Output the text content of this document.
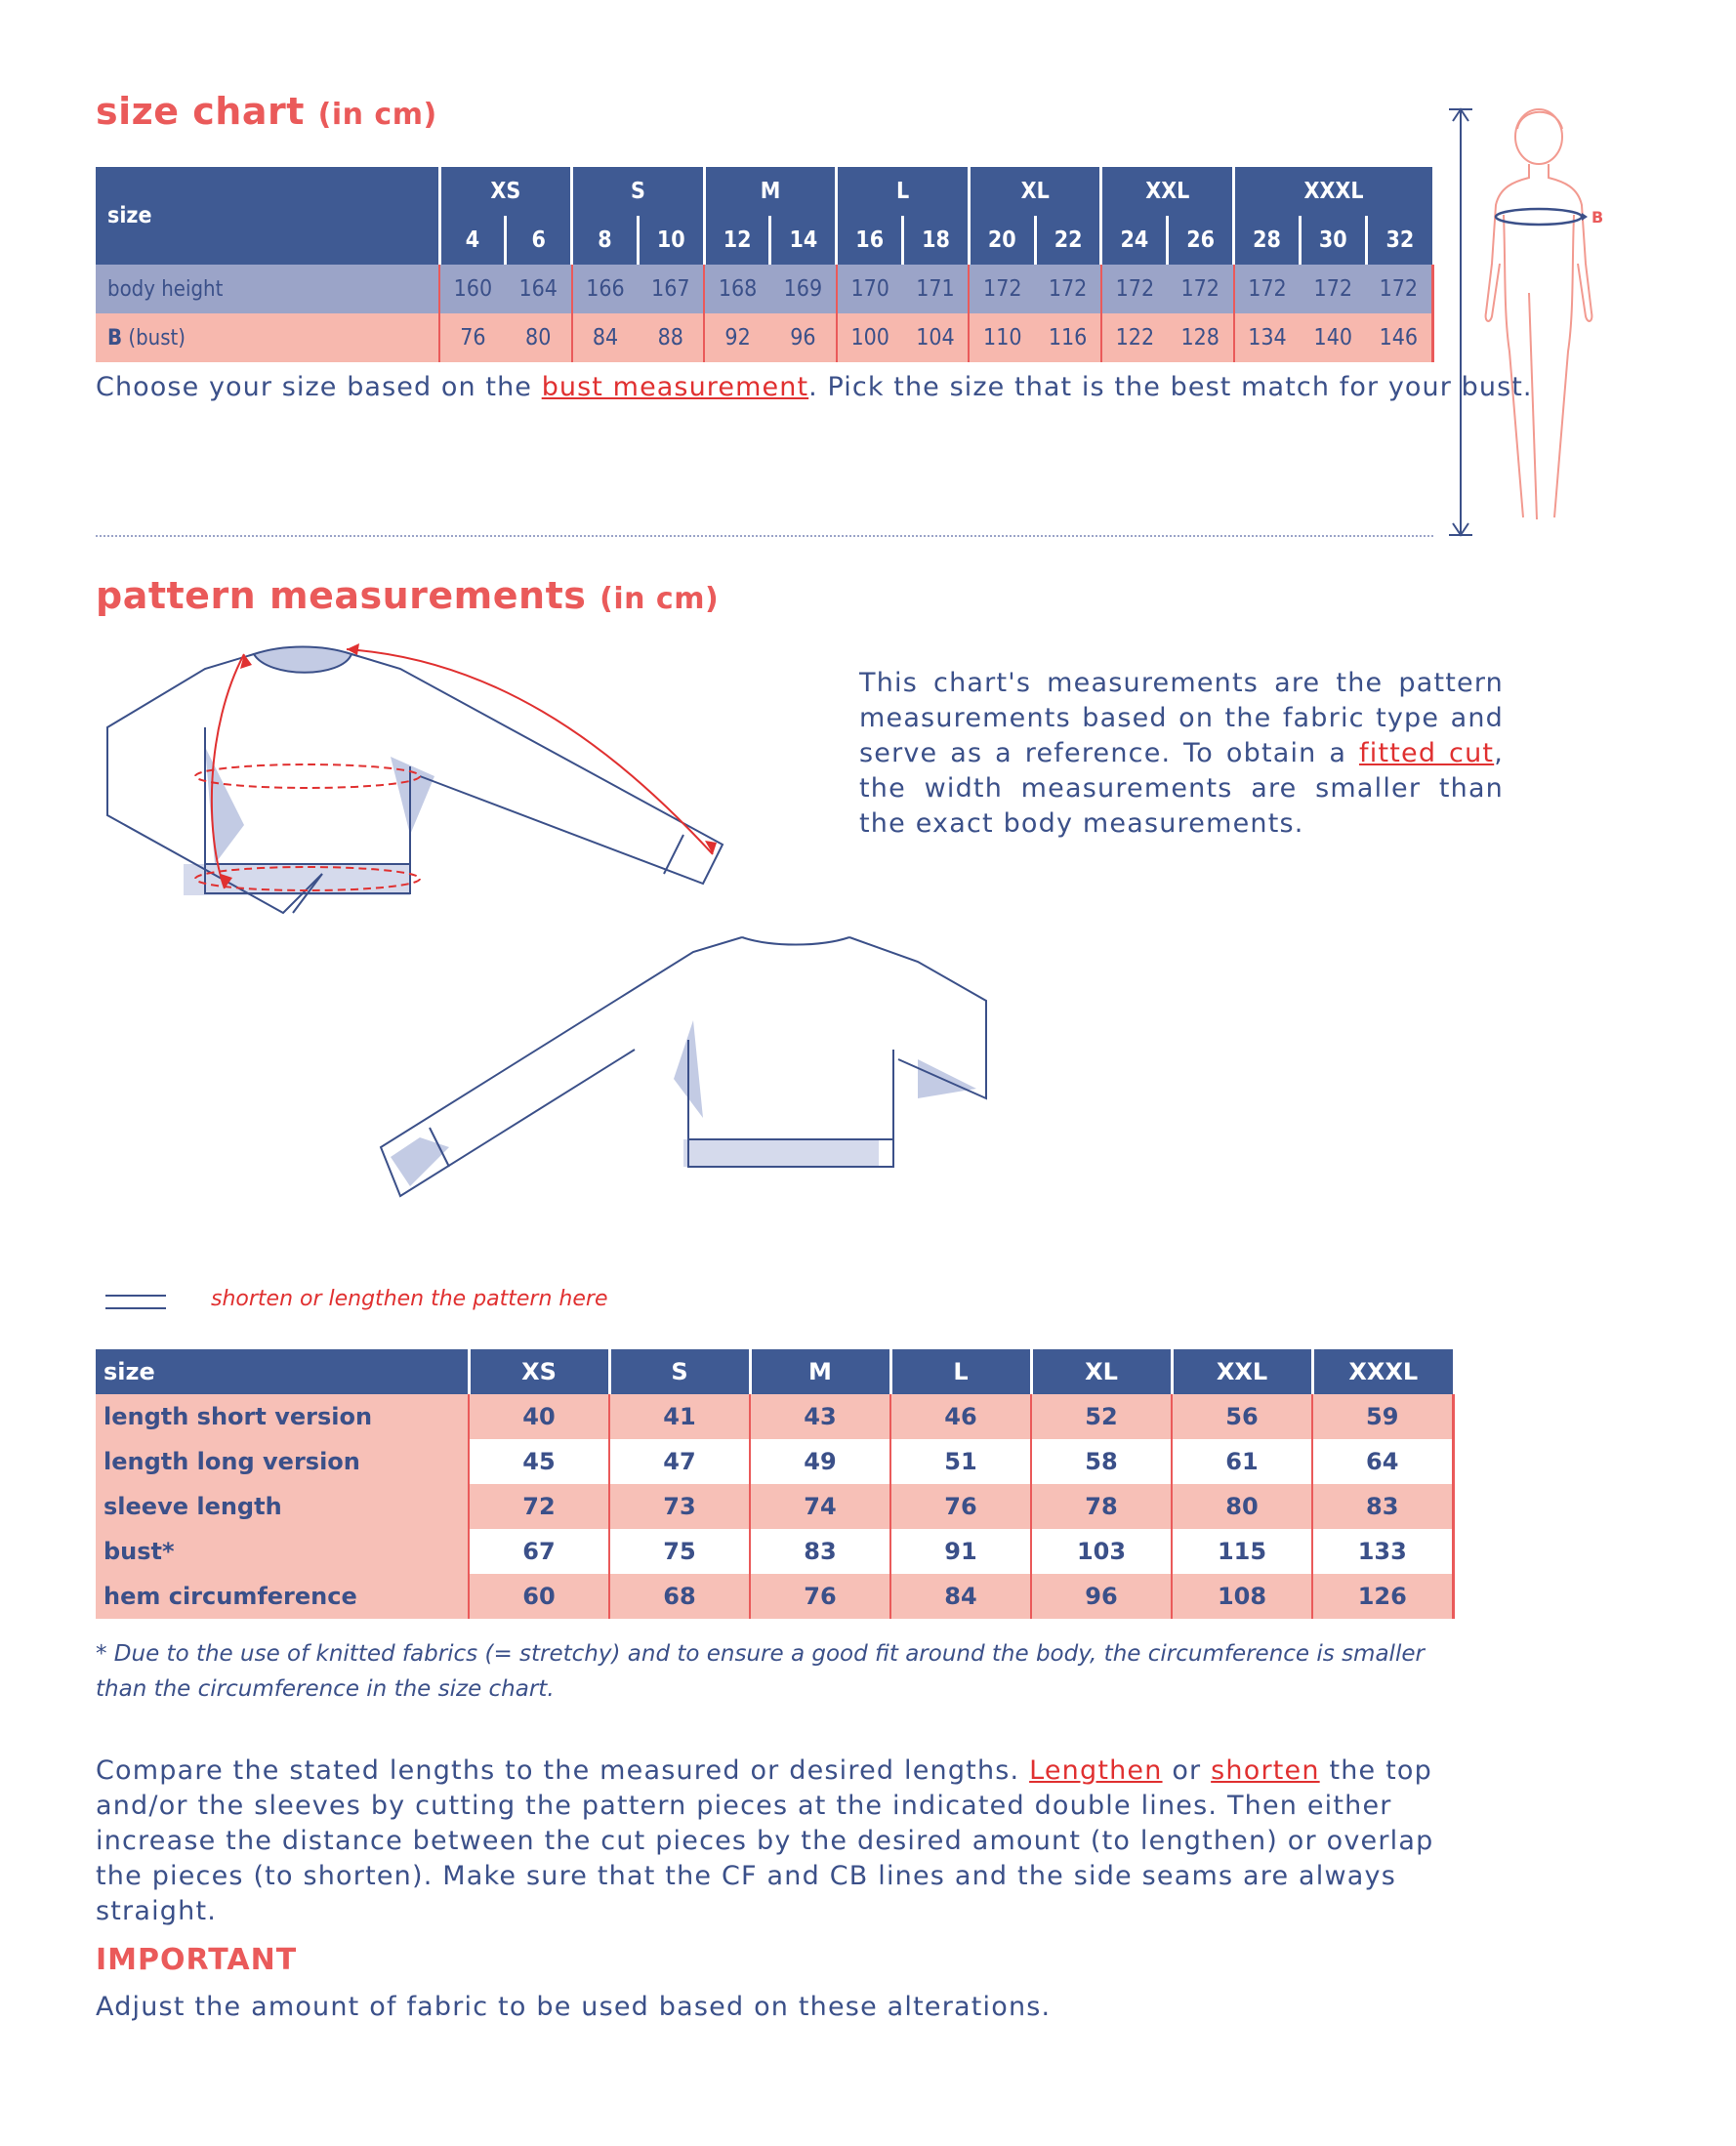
size chart (in cm)
size	XS		S		M		L		XL		XXL		XXXL		
	4	6	8	10	12	14	16	18	20	22	24	26	28	30	32
body height	160	164	166	167	168	169	170	171	172	172	172	172	172	172	172
B (bust)	76	80	84	88	92	96	100	104	110	116	122	128	134	140	146
Choose your size based on the bust measurement. Pick the size that is the best match for your bust.
B
pattern measurements (in cm)
This chart's measurements are the pattern measurements based on the fabric type and serve as a reference. To obtain a fitted cut, the width measurements are smaller than the exact body measurements.
shorten or lengthen the pattern here
size	XS	S	M	L	XL	XXL	XXXL
length short version	40	41	43	46	52	56	59
length long version	45	47	49	51	58	61	64
sleeve length	72	73	74	76	78	80	83
bust*	67	75	83	91	103	115	133
hem circumference	60	68	76	84	96	108	126
* Due to the use of knitted fabrics (= stretchy) and to ensure a good fit around the body, the circumference is smaller than the circumference in the size chart.
Compare the stated lengths to the measured or desired lengths. Lengthen or shorten the top and/or the sleeves by cutting the pattern pieces at the indicated double lines. Then either increase the distance between the cut pieces by the desired amount (to lengthen) or overlap the pieces (to shorten). Make sure that the CF and CB lines and the side seams are always straight.
IMPORTANT
Adjust the amount of fabric to be used based on these alterations.
